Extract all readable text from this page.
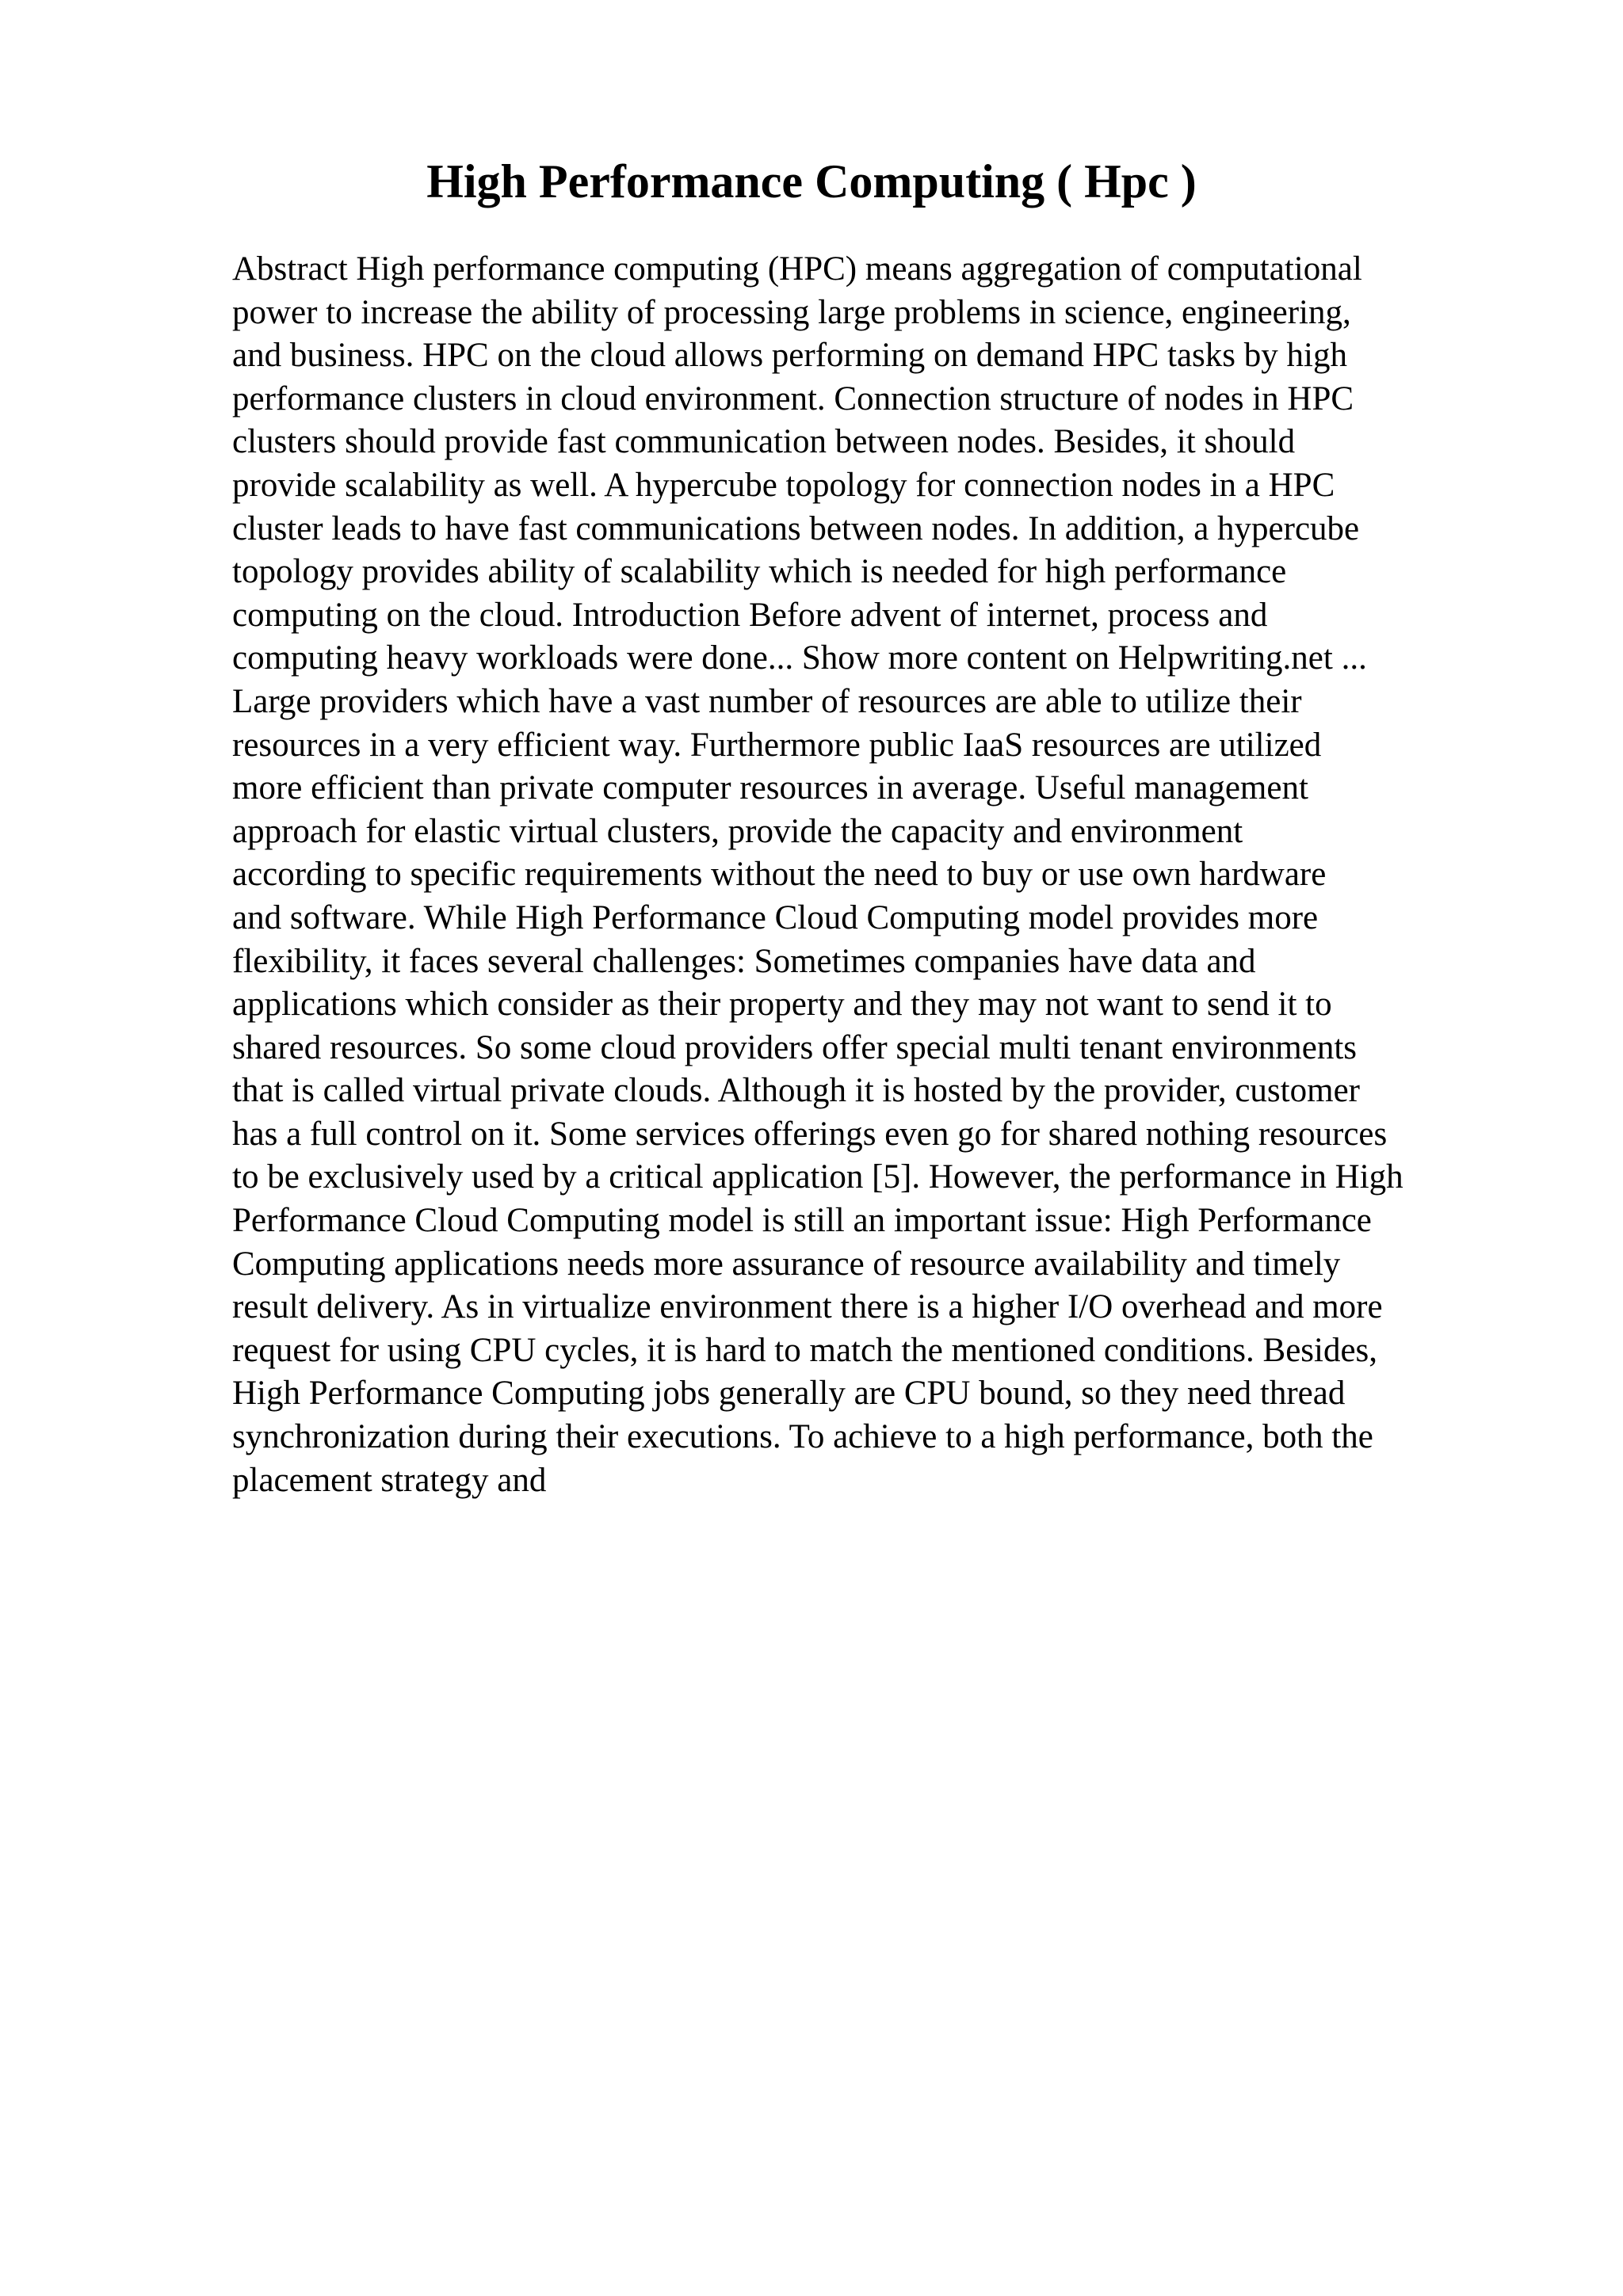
High Performance Computing ( Hpc )
Abstract High performance computing (HPC) means aggregation of computational
power to increase the ability of processing large problems in science, engineering,
and business. HPC on the cloud allows performing on demand HPC tasks by high
performance clusters in cloud environment. Connection structure of nodes in HPC
clusters should provide fast communication between nodes. Besides, it should
provide scalability as well. A hypercube topology for connection nodes in a HPC
cluster leads to have fast communications between nodes. In addition, a hypercube
topology provides ability of scalability which is needed for high performance
computing on the cloud. Introduction Before advent of internet, process and
computing heavy workloads were done... Show more content on Helpwriting.net ...
Large providers which have a vast number of resources are able to utilize their
resources in a very efficient way. Furthermore public IaaS resources are utilized
more efficient than private computer resources in average. Useful management
approach for elastic virtual clusters, provide the capacity and environment
according to specific requirements without the need to buy or use own hardware
and software. While High Performance Cloud Computing model provides more
flexibility, it faces several challenges: Sometimes companies have data and
applications which consider as their property and they may not want to send it to
shared resources. So some cloud providers offer special multi tenant environments
that is called virtual private clouds. Although it is hosted by the provider, customer
has a full control on it. Some services offerings even go for shared nothing resources
to be exclusively used by a critical application [5]. However, the performance in High
Performance Cloud Computing model is still an important issue: High Performance
Computing applications needs more assurance of resource availability and timely
result delivery. As in virtualize environment there is a higher I/O overhead and more
request for using CPU cycles, it is hard to match the mentioned conditions. Besides,
High Performance Computing jobs generally are CPU bound, so they need thread
synchronization during their executions. To achieve to a high performance, both the
placement strategy and
